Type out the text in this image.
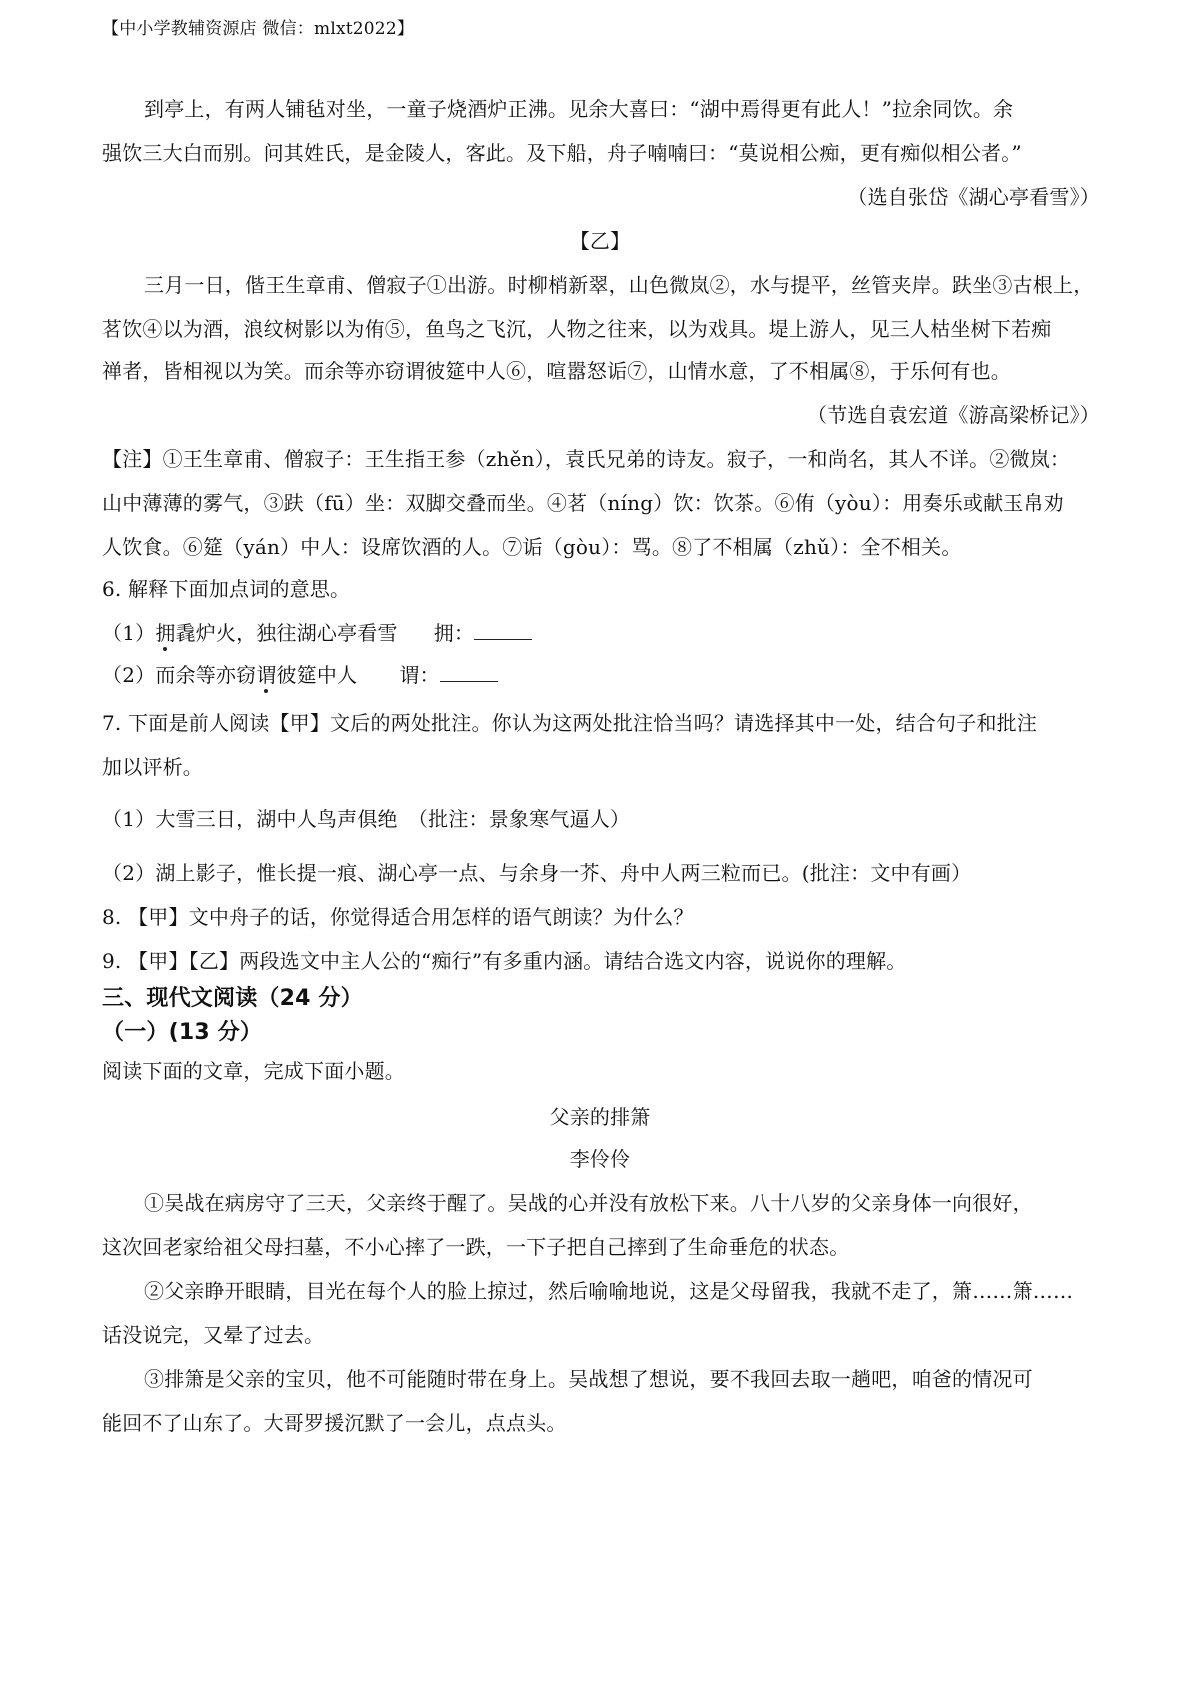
【中小学教辅资源店 微信：mlxt2022】
到亭上，有两人铺毡对坐，一童子烧酒炉正沸。见余大喜曰：“湖中焉得更有此人！”拉余同饮。余
强饮三大白而别。问其姓氏，是金陵人，客此。及下船，舟子喃喃曰：“莫说相公痴，更有痴似相公者。”
（选自张岱《湖心亭看雪》）
【乙】
三月一日，偕王生章甫、僧寂子①出游。时柳梢新翠，山色微岚②，水与提平，丝管夹岸。趺坐③古根上，
茗饮④以为酒，浪纹树影以为侑⑤，鱼鸟之飞沉，人物之往来，以为戏具。堤上游人，见三人枯坐树下若痴
禅者，皆相视以为笑。而余等亦窃谓彼筵中人⑥，喧嚣怒诟⑦，山情水意，了不相属⑧，于乐何有也。
（节选自袁宏道《游高梁桥记》）
【注】①王生章甫、僧寂子：王生指王参（zhěn），袁氏兄弟的诗友。寂子，一和尚名，其人不详。②微岚：
山中薄薄的雾气，③趺（fū）坐：双脚交叠而坐。④茗（níng）饮：饮茶。⑥侑（yòu）：用奏乐或献玉帛劝
人饮食。⑥筵（yán）中人：设席饮酒的人。⑦诟（gòu）：骂。⑧了不相属（zhǔ）：全不相关。
6. 解释下面加点词的意思。
（1）拥毳炉火，独往湖心亭看雪 拥：
（2）而余等亦窃谓彼筵中人 谓：
7. 下面是前人阅读【甲】文后的两处批注。你认为这两处批注恰当吗？请选择其中一处，结合句子和批注
加以评析。
（1）大雪三日，湖中人鸟声俱绝　（批注：景象寒气逼人）
（2）湖上影子，惟长提一痕、湖心亭一点、与余身一芥、舟中人两三粒而已。(批注：文中有画）
8. 【甲】文中舟子的话，你觉得适合用怎样的语气朗读？为什么？
9. 【甲】【乙】两段选文中主人公的“痴行”有多重内涵。请结合选文内容，说说你的理解。
三、现代文阅读（24 分）
（一）(13 分）
阅读下面的文章，完成下面小题。
父亲的排箫
李伶伶
①吴战在病房守了三天，父亲终于醒了。吴战的心并没有放松下来。八十八岁的父亲身体一向很好，
这次回老家给祖父母扫墓，不小心摔了一跌，一下子把自己摔到了生命垂危的状态。
②父亲睁开眼睛，目光在每个人的脸上掠过，然后喻喻地说，这是父母留我，我就不走了，箫……箫……
话没说完，又晕了过去。
③排箫是父亲的宝贝，他不可能随时带在身上。吴战想了想说，要不我回去取一趟吧，咱爸的情况可
能回不了山东了。大哥罗援沉默了一会儿，点点头。
